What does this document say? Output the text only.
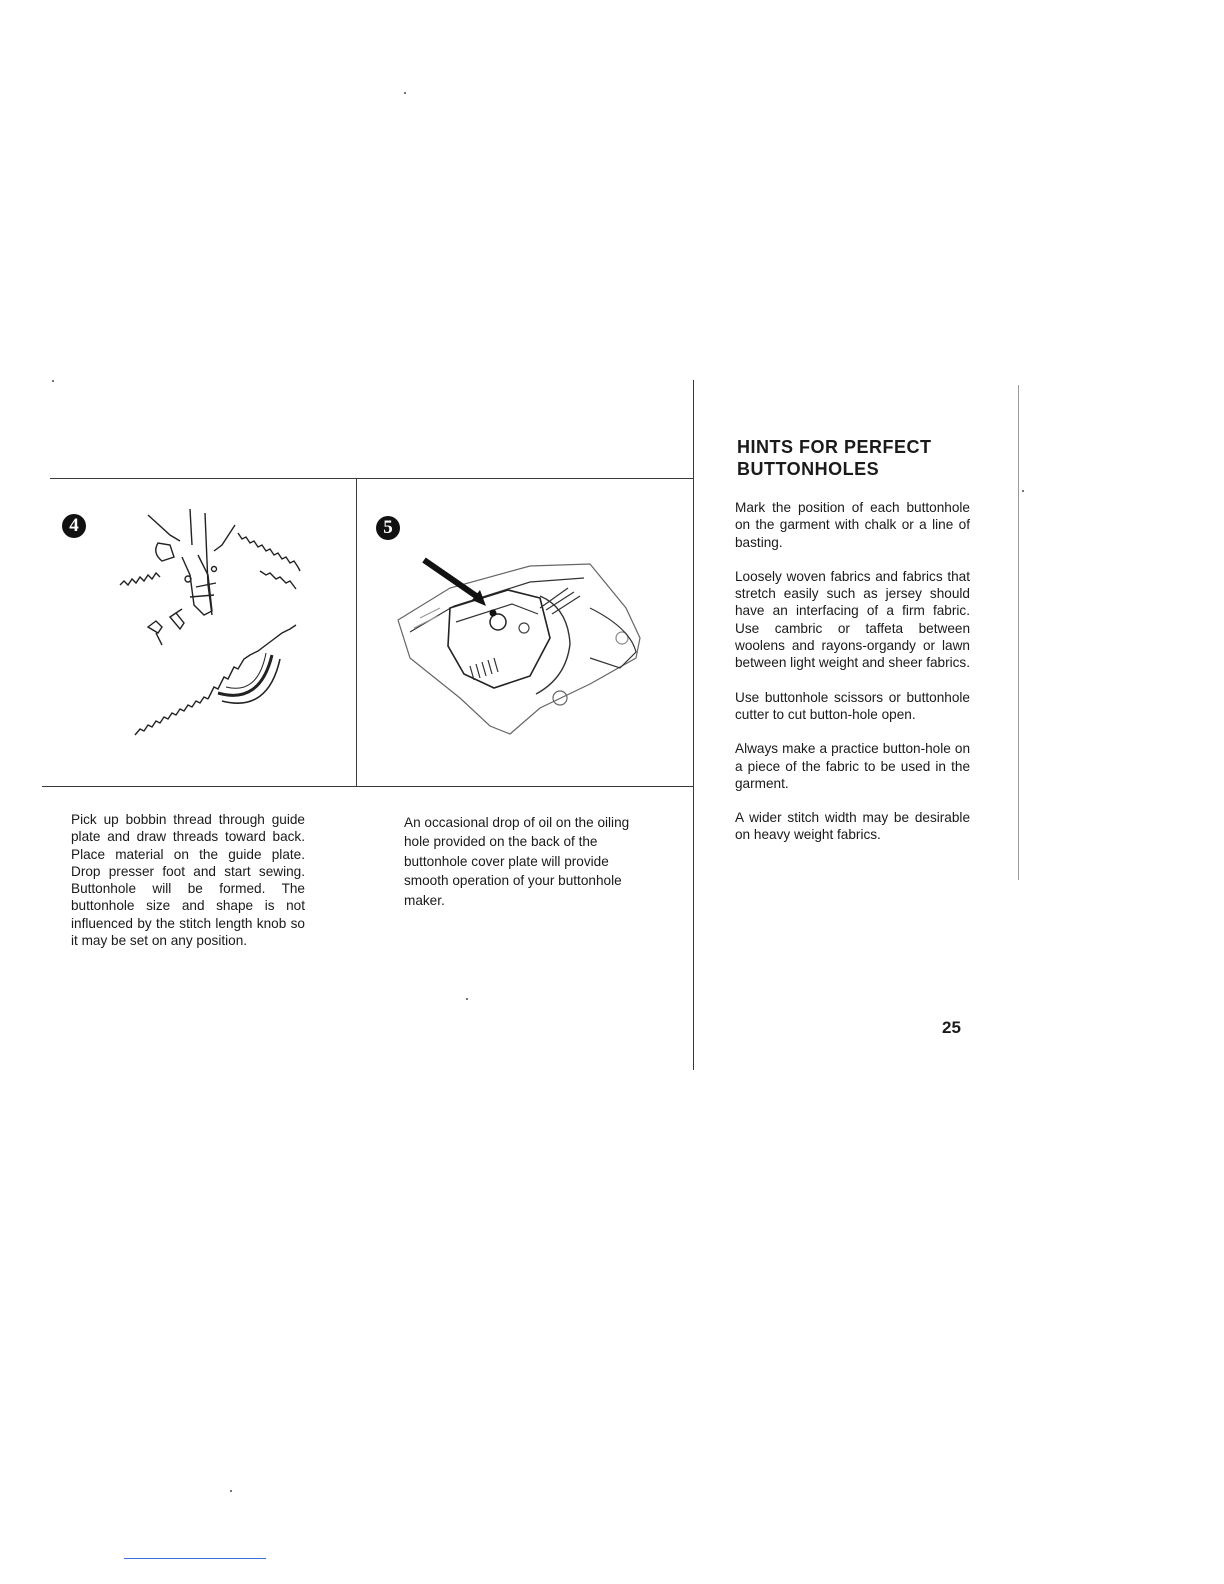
4

Pick up bobbin thread through guide plate and draw threads toward back. Place material on the guide plate. Drop presser foot and start sewing. Buttonhole will be formed. The buttonhole size and shape is not influenced by the stitch length knob so it may be set on any position.

5

An occasional drop of oil on the oiling hole provided on the back of the buttonhole cover plate will provide smooth operation of your buttonhole maker.

HINTS FOR PERFECT
BUTTONHOLES

Mark the position of each buttonhole on the garment with chalk or a line of basting.

Loosely woven fabrics and fabrics that stretch easily such as jersey should have an interfacing of a firm fabric. Use cambric or taffeta between woolens and rayons-organdy or lawn between light weight and sheer fabrics.

Use buttonhole scissors or buttonhole cutter to cut button-hole open.

Always make a practice button-hole on a piece of the fabric to be used in the garment.

A wider stitch width may be desirable on heavy weight fabrics.

25
